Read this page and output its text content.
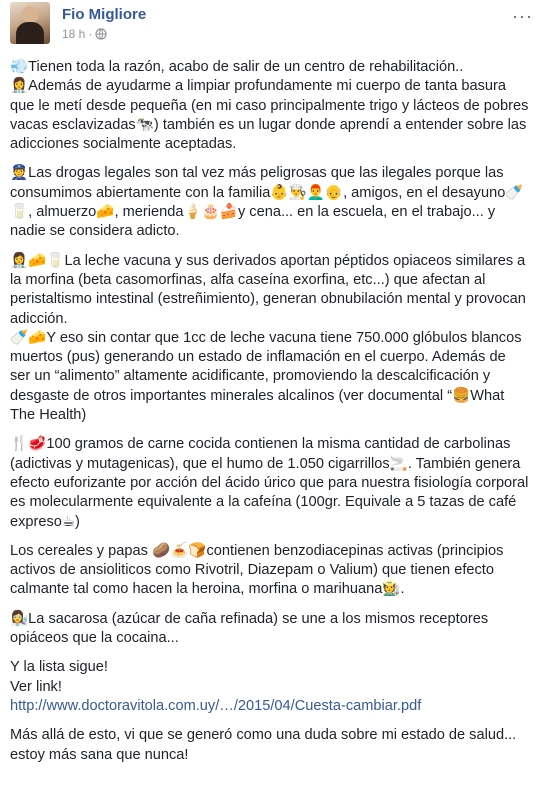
Fio Migliore
18 h ·
···

💨Tienen toda la razón, acabo de salir de un centro de rehabilitación..
👩‍⚕️Además de ayudarme a limpiar profundamente mi cuerpo de tanta basura que le metí desde pequeña (en mi caso principalmente trigo y lácteos de pobres vacas esclavizadas🐄) también es un lugar donde aprendí a entender sobre las adicciones socialmente aceptadas.

👮Las drogas legales son tal vez más peligrosas que las ilegales porque las consumimos abiertamente con la familia👶👨‍🍳👨‍🦰👴, amigos, en el desayuno🍼🥛, almuerzo🧀, merienda🍦🎂🍰y cena... en la escuela, en el trabajo... y nadie se considera adicto.

👩‍⚕️🧀🥛La leche vacuna y sus derivados aportan péptidos opiaceos similares a la morfina (beta casomorfinas, alfa caseína exorfina, etc...) que afectan al peristaltismo intestinal (estreñimiento), generan obnubilación mental y provocan adicción.
🍼🧀Y eso sin contar que 1cc de leche vacuna tiene 750.000 glóbulos blancos muertos (pus) generando un estado de inflamación en el cuerpo. Además de ser un “alimento” altamente acidificante, promoviendo la descalcificación y desgaste de otros importantes minerales alcalinos (ver documental “🍔What The Health)

🍴🥩100 gramos de carne cocida contienen la misma cantidad de carbolinas (adictivas y mutagenicas), que el humo de 1.050 cigarrillos🚬. También genera efecto euforizante por acción del ácido úrico que para nuestra fisiología corporal es molecularmente equivalente a la cafeína (100gr. Equivale a 5 tazas de café expreso☕)

Los cereales y papas 🥔🍝🍞contienen benzodiacepinas activas (principios activos de ansioliticos como Rivotril, Diazepam o Valium) que tienen efecto calmante tal como hacen la heroina, morfina o marihuana🧑‍🌾.

👩‍🔬La sacarosa (azúcar de caña refinada) se une a los mismos receptores opiáceos que la cocaina...

Y la lista sigue!
Ver link!
http://www.doctoravitola.com.uy/…/2015/04/Cuesta-cambiar.pdf

Más allá de esto, vi que se generó como una duda sobre mi estado de salud... estoy más sana que nunca!
